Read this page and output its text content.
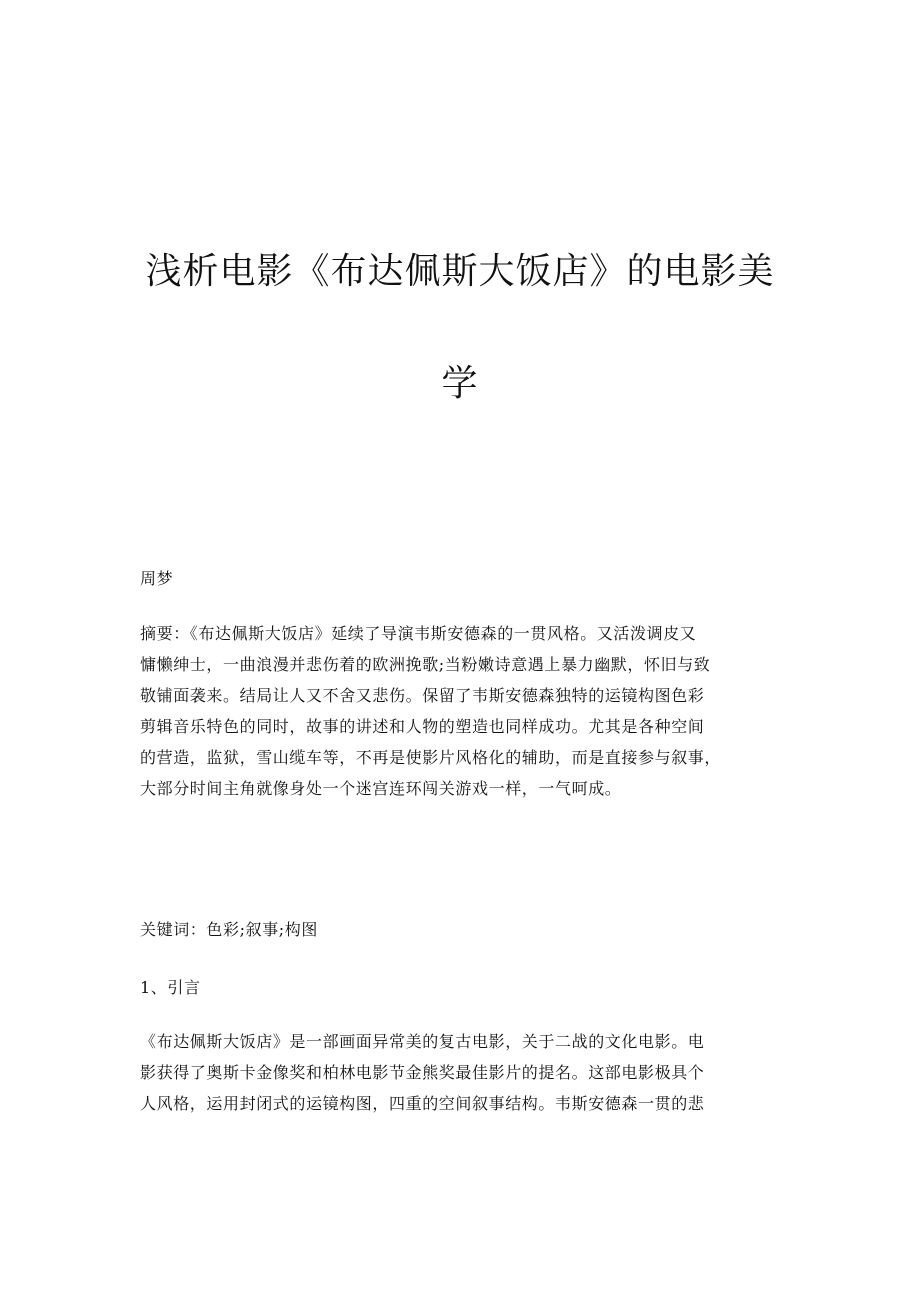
浅析电影《布达佩斯大饭店》的电影美
学

周梦

摘要：《布达佩斯大饭店》延续了导演韦斯安德森的一贯风格。又活泼调皮又
慵懒绅士，一曲浪漫并悲伤着的欧洲挽歌;当粉嫩诗意遇上暴力幽默，怀旧与致
敬铺面袭来。结局让人又不舍又悲伤。保留了韦斯安德森独特的运镜构图色彩
剪辑音乐特色的同时，故事的讲述和人物的塑造也同样成功。尤其是各种空间
的营造，监狱，雪山缆车等，不再是使影片风格化的辅助，而是直接参与叙事，
大部分时间主角就像身处一个迷宫连环闯关游戏一样，一气呵成。

关键词：色彩;叙事;构图

1、引言

《布达佩斯大饭店》是一部画面异常美的复古电影，关于二战的文化电影。电
影获得了奥斯卡金像奖和柏林电影节金熊奖最佳影片的提名。这部电影极具个
人风格，运用封闭式的运镜构图，四重的空间叙事结构。韦斯安德森一贯的悲
